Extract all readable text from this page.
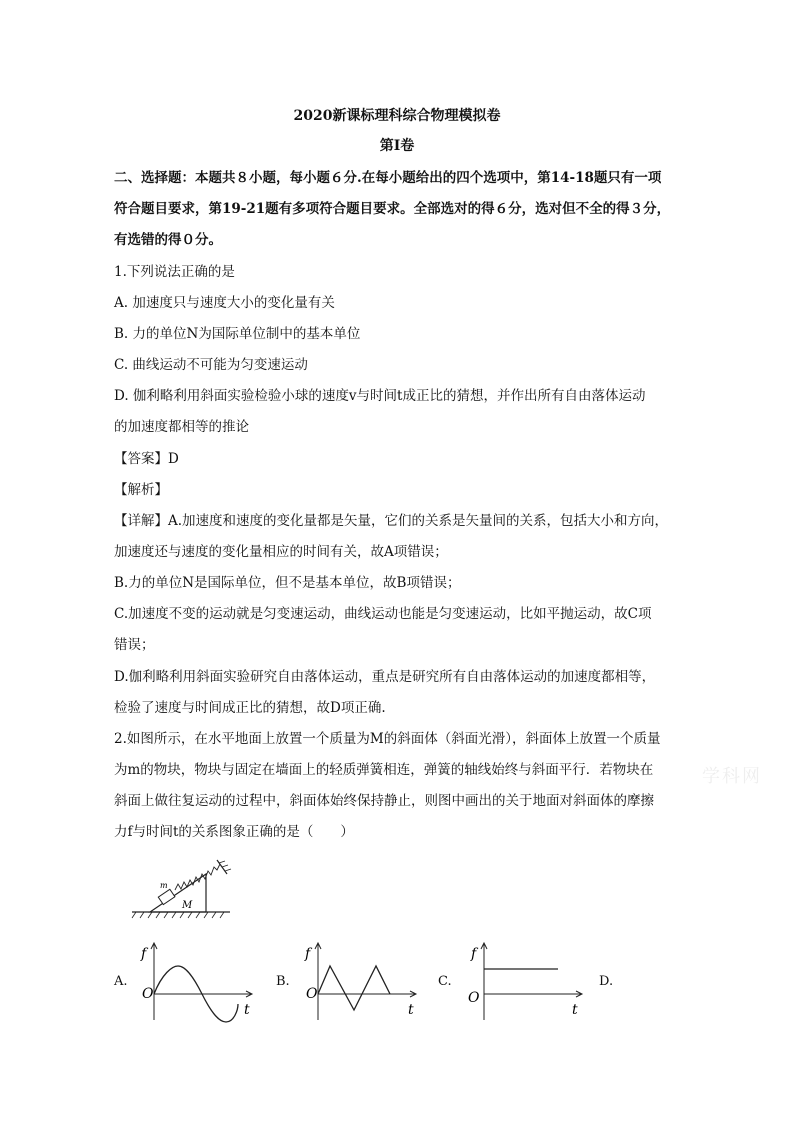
2020新课标理科综合物理模拟卷
第I卷
二、选择题：本题共８小题，每小题６分.在每小题给出的四个选项中，第14-18题只有一项
符合题目要求，第19-21题有多项符合题目要求。全部选对的得６分，选对但不全的得３分，
有选错的得０分。
1.下列说法正确的是
A. 加速度只与速度大小的变化量有关
B. 力的单位N为国际单位制中的基本单位
C. 曲线运动不可能为匀变速运动
D. 伽利略利用斜面实验检验小球的速度v与时间t成正比的猜想，并作出所有自由落体运动
的加速度都相等的推论
【答案】D
【解析】
【详解】A.加速度和速度的变化量都是矢量，它们的关系是矢量间的关系，包括大小和方向，
加速度还与速度的变化量相应的时间有关，故A项错误；
B.力的单位N是国际单位，但不是基本单位，故B项错误；
C.加速度不变的运动就是匀变速运动，曲线运动也能是匀变速运动，比如平抛运动，故C项
错误；
D.伽利略利用斜面实验研究自由落体运动，重点是研究所有自由落体运动的加速度都相等，
检验了速度与时间成正比的猜想，故D项正确.
2.如图所示，在水平地面上放置一个质量为M的斜面体（斜面光滑），斜面体上放置一个质量
为m的物块，物块与固定在墙面上的轻质弹簧相连，弹簧的轴线始终与斜面平行．若物块在
斜面上做往复运动的过程中，斜面体始终保持静止，则图中画出的关于地面对斜面体的摩擦
力f与时间t的关系图象正确的是（　　）
学科网
m
M
A.
f
O
t
B.
f
O
t
C.
f
O
t
D.
